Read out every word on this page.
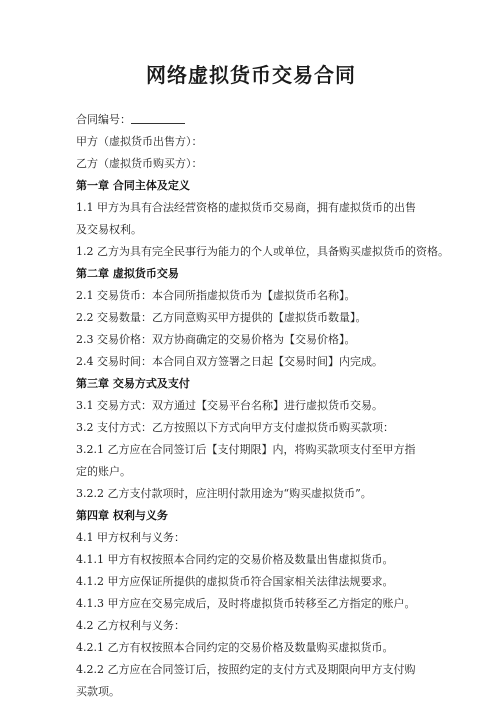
网络虚拟货币交易合同

合同编号：

甲方（虚拟货币出售方）：

乙方（虚拟货币购买方）：

第一章 合同主体及定义

1.1 甲方为具有合法经营资格的虚拟货币交易商，拥有虚拟货币的出售及交易权利。

1.2 乙方为具有完全民事行为能力的个人或单位，具备购买虚拟货币的资格。

第二章 虚拟货币交易

2.1 交易货币：本合同所指虚拟货币为【虚拟货币名称】。

2.2 交易数量：乙方同意购买甲方提供的【虚拟货币数量】。

2.3 交易价格：双方协商确定的交易价格为【交易价格】。

2.4 交易时间：本合同自双方签署之日起【交易时间】内完成。

第三章 交易方式及支付

3.1 交易方式：双方通过【交易平台名称】进行虚拟货币交易。

3.2 支付方式：乙方按照以下方式向甲方支付虚拟货币购买款项：

3.2.1 乙方应在合同签订后【支付期限】内，将购买款项支付至甲方指定的账户。

3.2.2 乙方支付款项时，应注明付款用途为“购买虚拟货币”。

第四章 权利与义务

4.1 甲方权利与义务：

4.1.1 甲方有权按照本合同约定的交易价格及数量出售虚拟货币。

4.1.2 甲方应保证所提供的虚拟货币符合国家相关法律法规要求。

4.1.3 甲方应在交易完成后，及时将虚拟货币转移至乙方指定的账户。

4.2 乙方权利与义务：

4.2.1 乙方有权按照本合同约定的交易价格及数量购买虚拟货币。

4.2.2 乙方应在合同签订后，按照约定的支付方式及期限向甲方支付购买款项。
